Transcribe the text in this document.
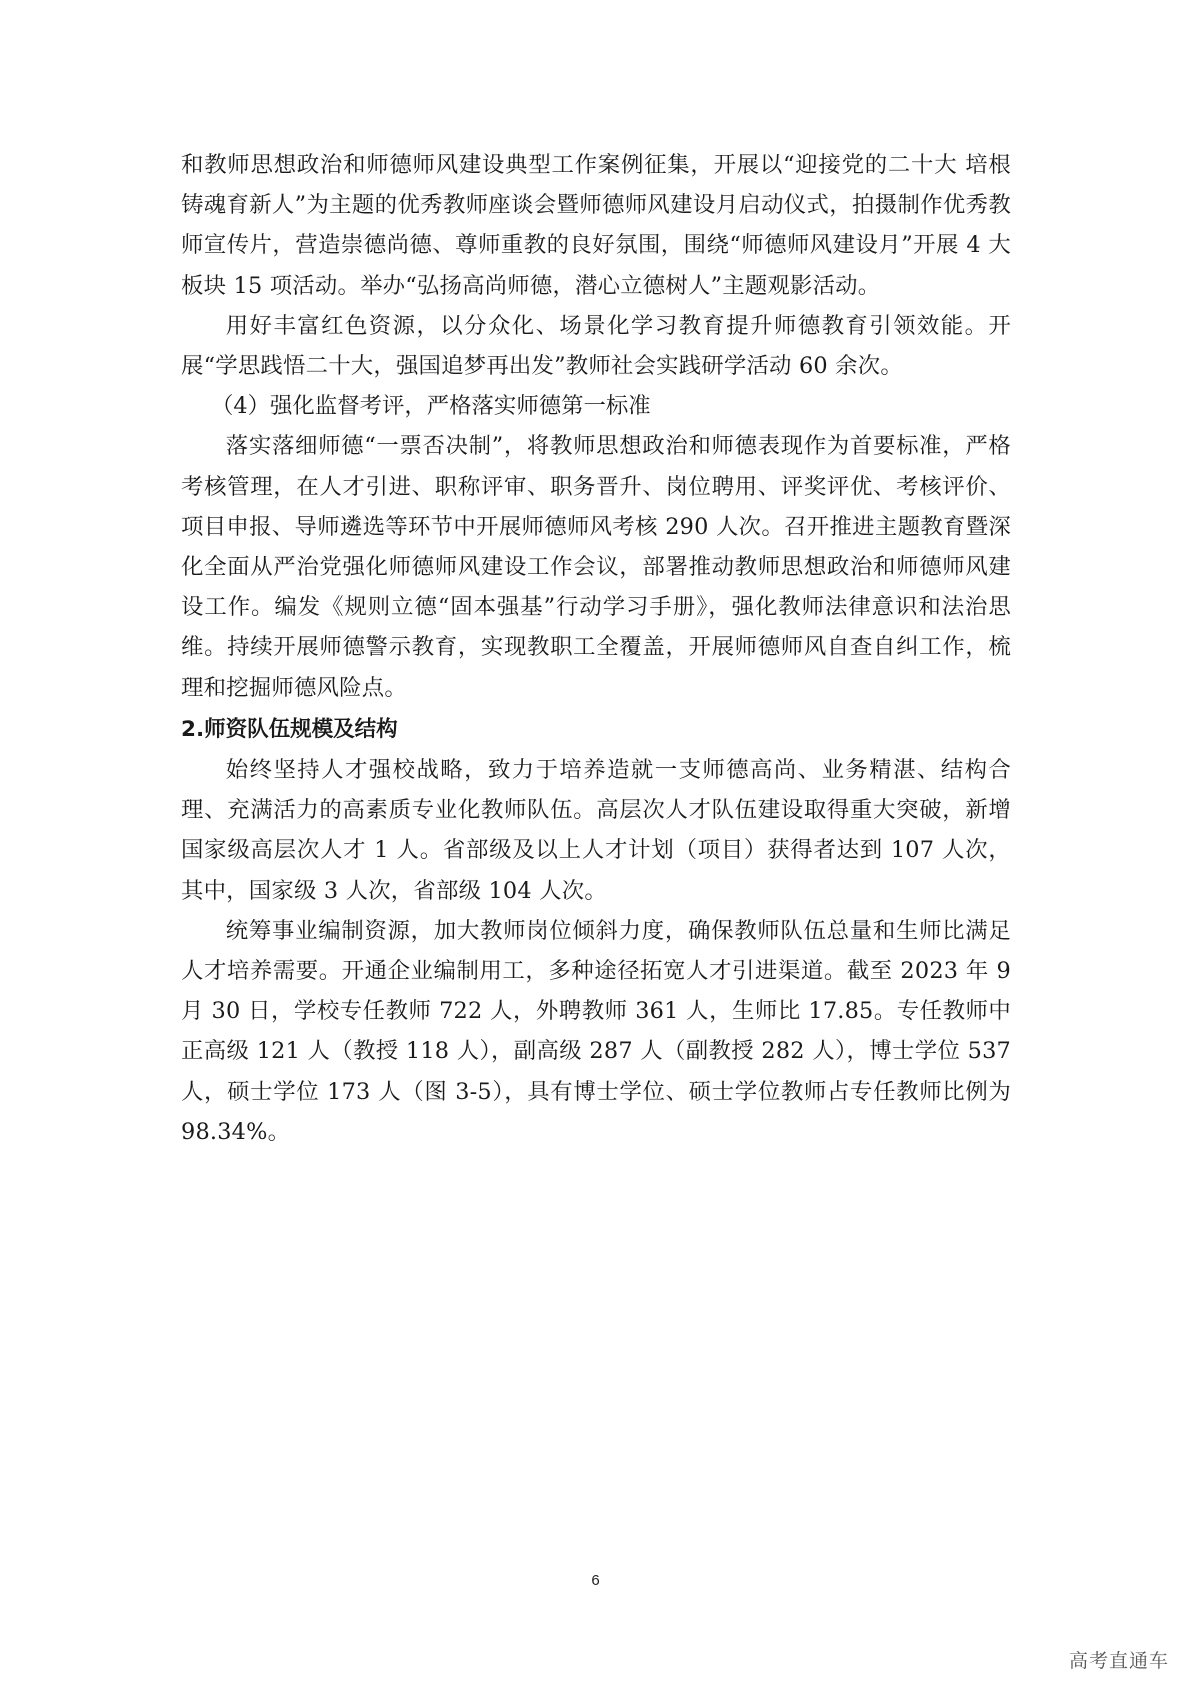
和教师思想政治和师德师风建设典型工作案例征集，开展以“迎接党的二十大 培根铸魂育新人”为主题的优秀教师座谈会暨师德师风建设月启动仪式，拍摄制作优秀教师宣传片，营造崇德尚德、尊师重教的良好氛围，围绕“师德师风建设月”开展 4 大板块 15 项活动。举办“弘扬高尚师德，潜心立德树人”主题观影活动。

用好丰富红色资源，以分众化、场景化学习教育提升师德教育引领效能。开展“学思践悟二十大，强国追梦再出发”教师社会实践研学活动 60 余次。

（4）强化监督考评，严格落实师德第一标准

落实落细师德“一票否决制”，将教师思想政治和师德表现作为首要标准，严格考核管理，在人才引进、职称评审、职务晋升、岗位聘用、评奖评优、考核评价、项目申报、导师遴选等环节中开展师德师风考核 290 人次。召开推进主题教育暨深化全面从严治党强化师德师风建设工作会议，部署推动教师思想政治和师德师风建设工作。编发《规则立德“固本强基”行动学习手册》，强化教师法律意识和法治思维。持续开展师德警示教育，实现教职工全覆盖，开展师德师风自查自纠工作，梳理和挖掘师德风险点。

2.师资队伍规模及结构

始终坚持人才强校战略，致力于培养造就一支师德高尚、业务精湛、结构合理、充满活力的高素质专业化教师队伍。高层次人才队伍建设取得重大突破，新增国家级高层次人才 1 人。省部级及以上人才计划（项目）获得者达到 107 人次，其中，国家级 3 人次，省部级 104 人次。

统筹事业编制资源，加大教师岗位倾斜力度，确保教师队伍总量和生师比满足人才培养需要。开通企业编制用工，多种途径拓宽人才引进渠道。截至 2023 年 9 月 30 日，学校专任教师 722 人，外聘教师 361 人，生师比 17.85。专任教师中正高级 121 人（教授 118 人），副高级 287 人（副教授 282 人），博士学位 537 人，硕士学位 173 人（图 3-5），具有博士学位、硕士学位教师占专任教师比例为 98.34%。

6
高考直通车
